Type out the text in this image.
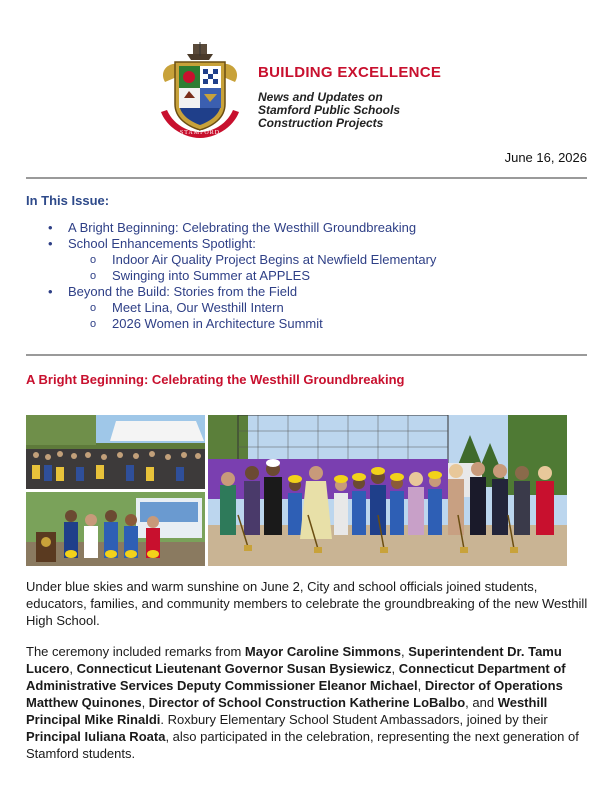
STAMFORD
BUILDING EXCELLENCE
News and Updates on
Stamford Public Schools
Construction Projects
June 16, 2026
In This Issue:
• A Bright Beginning: Celebrating the Westhill Groundbreaking
• School Enhancements Spotlight:
o Indoor Air Quality Project Begins at Newfield Elementary
o Swinging into Summer at APPLES
• Beyond the Build: Stories from the Field
o Meet Lina, Our Westhill Intern
o 2026 Women in Architecture Summit
A Bright Beginning: Celebrating the Westhill Groundbreaking
Under blue skies and warm sunshine on June 2, City and school officials joined students, educators, families, and community members to celebrate the groundbreaking of the new Westhill High School.
The ceremony included remarks from Mayor Caroline Simmons, Superintendent Dr. Tamu Lucero, Connecticut Lieutenant Governor Susan Bysiewicz, Connecticut Department of Administrative Services Deputy Commissioner Eleanor Michael, Director of Operations Matthew Quinones, Director of School Construction Katherine LoBalbo, and Westhill Principal Mike Rinaldi. Roxbury Elementary School Student Ambassadors, joined by their Principal Iuliana Roata, also participated in the celebration, representing the next generation of Stamford students.
